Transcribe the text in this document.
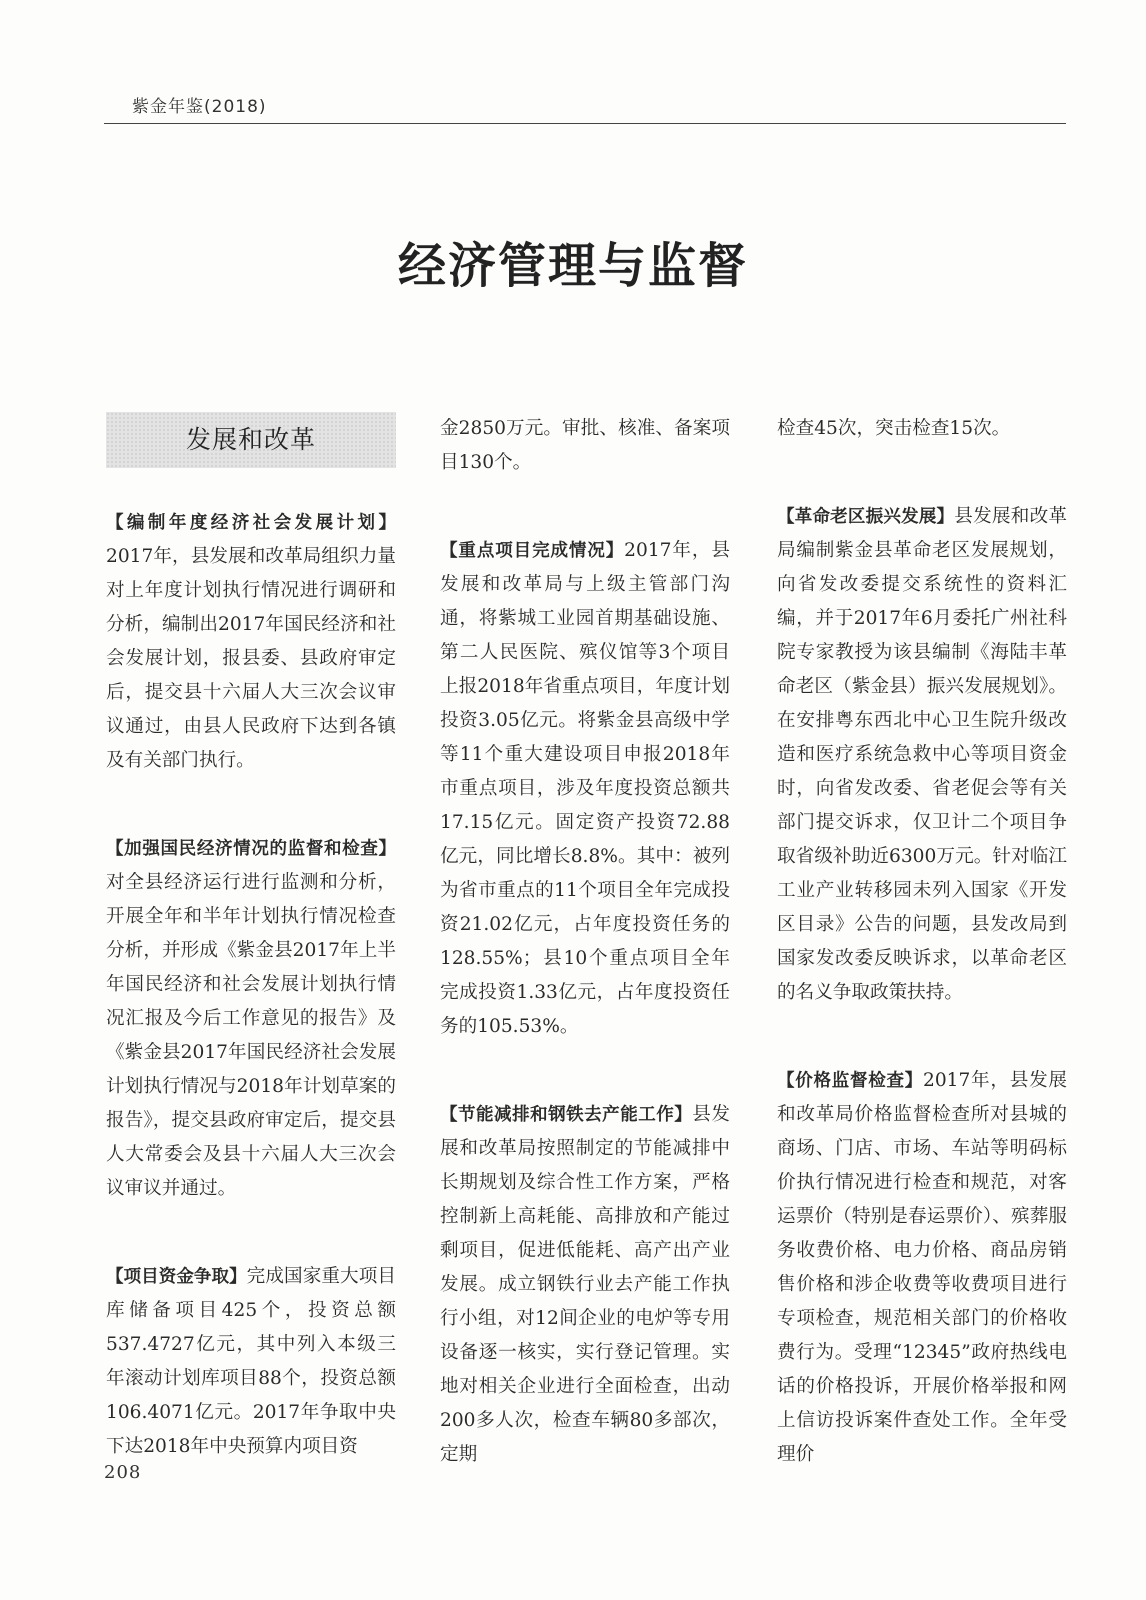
紫金年鉴(2018)
经济管理与监督
发展和改革

【编制年度经济社会发展计划】2017年，县发展和改革局组织力量对上年度计划执行情况进行调研和分析，编制出2017年国民经济和社会发展计划，报县委、县政府审定后，提交县十六届人大三次会议审议通过，由县人民政府下达到各镇及有关部门执行。

【加强国民经济情况的监督和检查】对全县经济运行进行监测和分析，开展全年和半年计划执行情况检查分析，并形成《紫金县2017年上半年国民经济和社会发展计划执行情况汇报及今后工作意见的报告》及《紫金县2017年国民经济社会发展计划执行情况与2018年计划草案的报告》，提交县政府审定后，提交县人大常委会及县十六届人大三次会议审议并通过。

【项目资金争取】完成国家重大项目库储备项目425个，投资总额537.4727亿元，其中列入本级三年滚动计划库项目88个，投资总额106.4071亿元。2017年争取中央下达2018年中央预算内项目资

金2850万元。审批、核准、备案项目130个。

【重点项目完成情况】2017年，县发展和改革局与上级主管部门沟通，将紫城工业园首期基础设施、第二人民医院、殡仪馆等3个项目上报2018年省重点项目，年度计划投资3.05亿元。将紫金县高级中学等11个重大建设项目申报2018年市重点项目，涉及年度投资总额共17.15亿元。固定资产投资72.88亿元，同比增长8.8%。其中：被列为省市重点的11个项目全年完成投资21.02亿元，占年度投资任务的128.55%；县10个重点项目全年完成投资1.33亿元，占年度投资任务的105.53%。

【节能减排和钢铁去产能工作】县发展和改革局按照制定的节能减排中长期规划及综合性工作方案，严格控制新上高耗能、高排放和产能过剩项目，促进低能耗、高产出产业发展。成立钢铁行业去产能工作执行小组，对12间企业的电炉等专用设备逐一核实，实行登记管理。实地对相关企业进行全面检查，出动200多人次，检查车辆80多部次，定期

检查45次，突击检查15次。

【革命老区振兴发展】县发展和改革局编制紫金县革命老区发展规划，向省发改委提交系统性的资料汇编，并于2017年6月委托广州社科院专家教授为该县编制《海陆丰革命老区（紫金县）振兴发展规划》。在安排粤东西北中心卫生院升级改造和医疗系统急救中心等项目资金时，向省发改委、省老促会等有关部门提交诉求，仅卫计二个项目争取省级补助近6300万元。针对临江工业产业转移园未列入国家《开发区目录》公告的问题，县发改局到国家发改委反映诉求，以革命老区的名义争取政策扶持。

【价格监督检查】2017年，县发展和改革局价格监督检查所对县城的商场、门店、市场、车站等明码标价执行情况进行检查和规范，对客运票价（特别是春运票价）、殡葬服务收费价格、电力价格、商品房销售价格和涉企收费等收费项目进行专项检查，规范相关部门的价格收费行为。受理“12345”政府热线电话的价格投诉，开展价格举报和网上信访投诉案件查处工作。全年受理价

208
